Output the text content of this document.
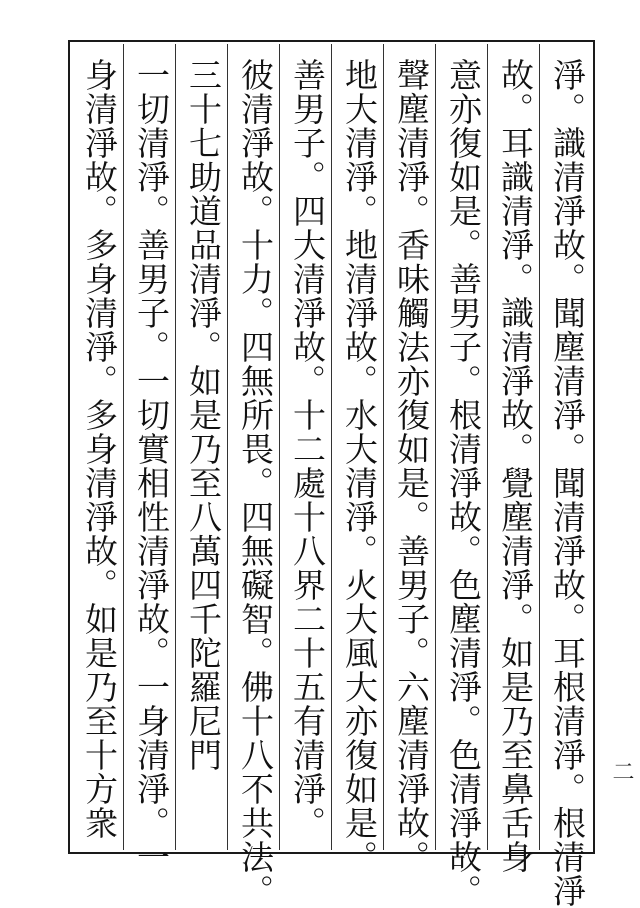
淨。識清淨故。聞塵清淨。聞清淨故。耳根清淨。根清淨
故。耳識清淨。識清淨故。覺塵清淨。如是乃至鼻舌身
意亦復如是。善男子。根清淨故。色塵清淨。色清淨故。
聲塵清淨。香味觸法亦復如是。善男子。六塵清淨故。
地大清淨。地清淨故。水大清淨。火大風大亦復如是。
善男子。四大清淨故。十二處十八界二十五有清淨。
彼清淨故。十力。四無所畏。四無礙智。佛十八不共法。
三十七助道品清淨。如是乃至八萬四千陀羅尼門
一切清淨。善男子。一切實相性清淨故。一身清淨。一
身清淨故。多身清淨。多身清淨故。如是乃至十方衆	二
